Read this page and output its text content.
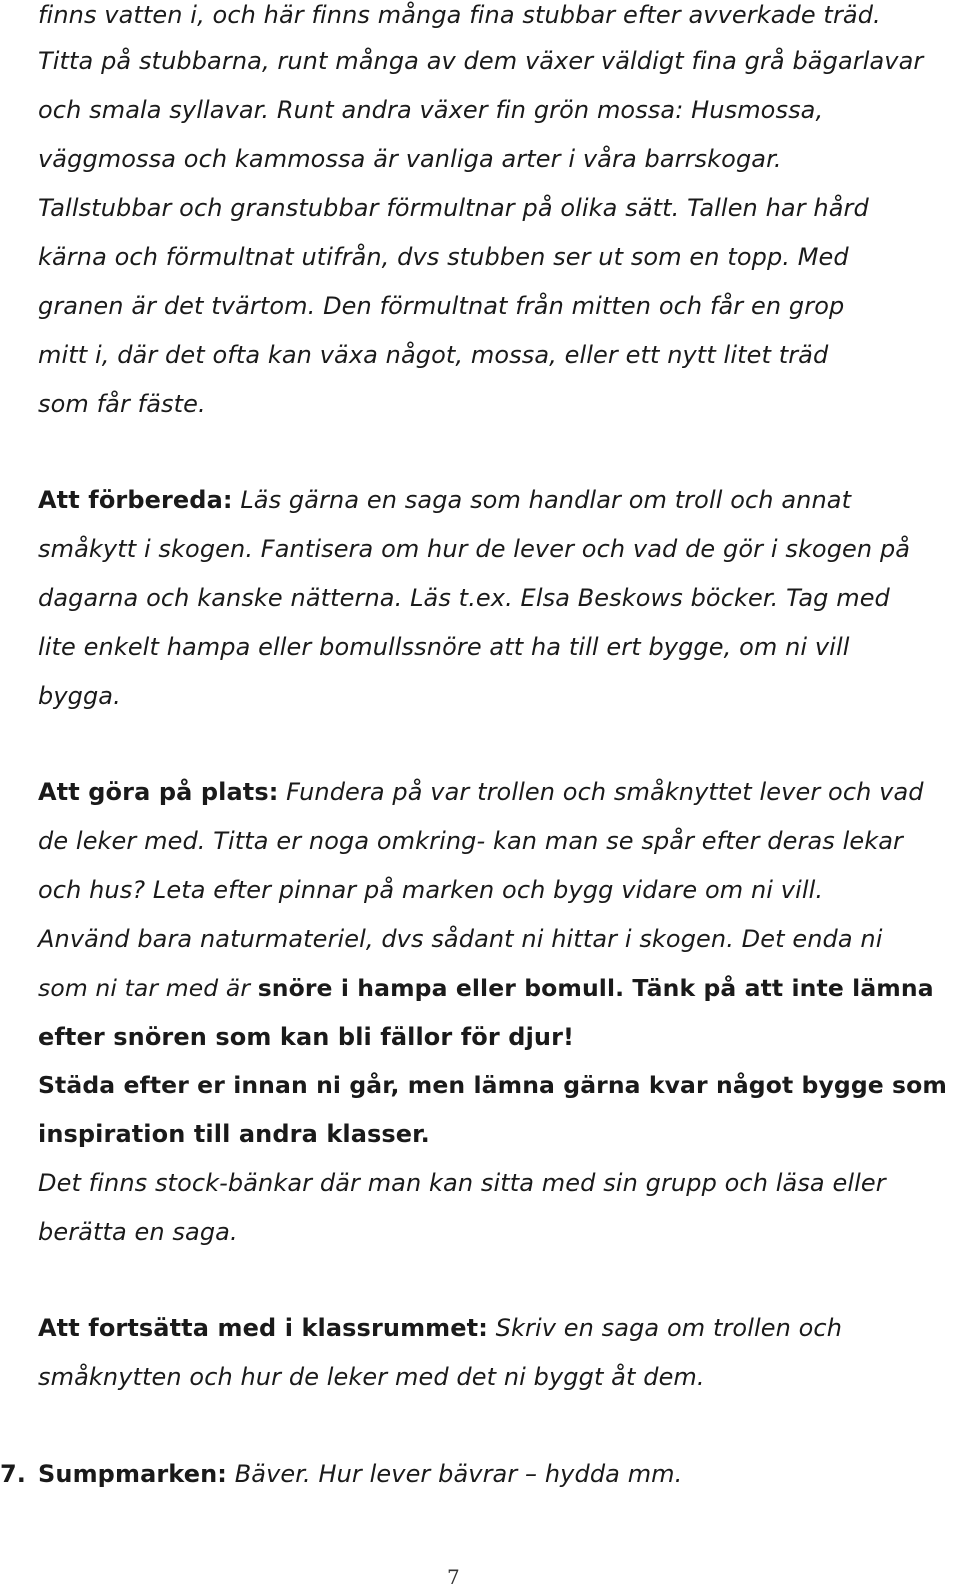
finns vatten i, och här finns många fina stubbar efter avverkade träd.
Titta på stubbarna, runt många av dem växer väldigt fina grå bägarlavar
och smala syllavar. Runt andra växer fin grön mossa: Husmossa,
väggmossa och kammossa är vanliga arter i våra barrskogar.
Tallstubbar och granstubbar förmultnar på olika sätt. Tallen har hård
kärna och förmultnat utifrån, dvs stubben ser ut som en topp. Med
granen är det tvärtom. Den förmultnat från mitten och får en grop
mitt i, där det ofta kan växa något, mossa, eller ett nytt litet träd
som får fäste.
Att förbereda: Läs gärna en saga som handlar om troll och annat
småkytt i skogen. Fantisera om hur de lever och vad de gör i skogen på
dagarna och kanske nätterna. Läs t.ex. Elsa Beskows böcker. Tag med
lite enkelt hampa eller bomullssnöre att ha till ert bygge, om ni vill
bygga.
Att göra på plats: Fundera på var trollen och småknyttet lever och vad
de leker med. Titta er noga omkring- kan man se spår efter deras lekar
och hus? Leta efter pinnar på marken och bygg vidare om ni vill.
Använd bara naturmateriel, dvs sådant ni hittar i skogen. Det enda ni
som ni tar med är snöre i hampa eller bomull. Tänk på att inte lämna
efter snören som kan bli fällor för djur!
Städa efter er innan ni går, men lämna gärna kvar något bygge som
inspiration till andra klasser.
Det finns stock-bänkar där man kan sitta med sin grupp och läsa eller
berätta en saga.
Att fortsätta med i klassrummet: Skriv en saga om trollen och
småknytten och hur de leker med det ni byggt åt dem.
7. Sumpmarken: Bäver. Hur lever bävrar – hydda mm.
7
